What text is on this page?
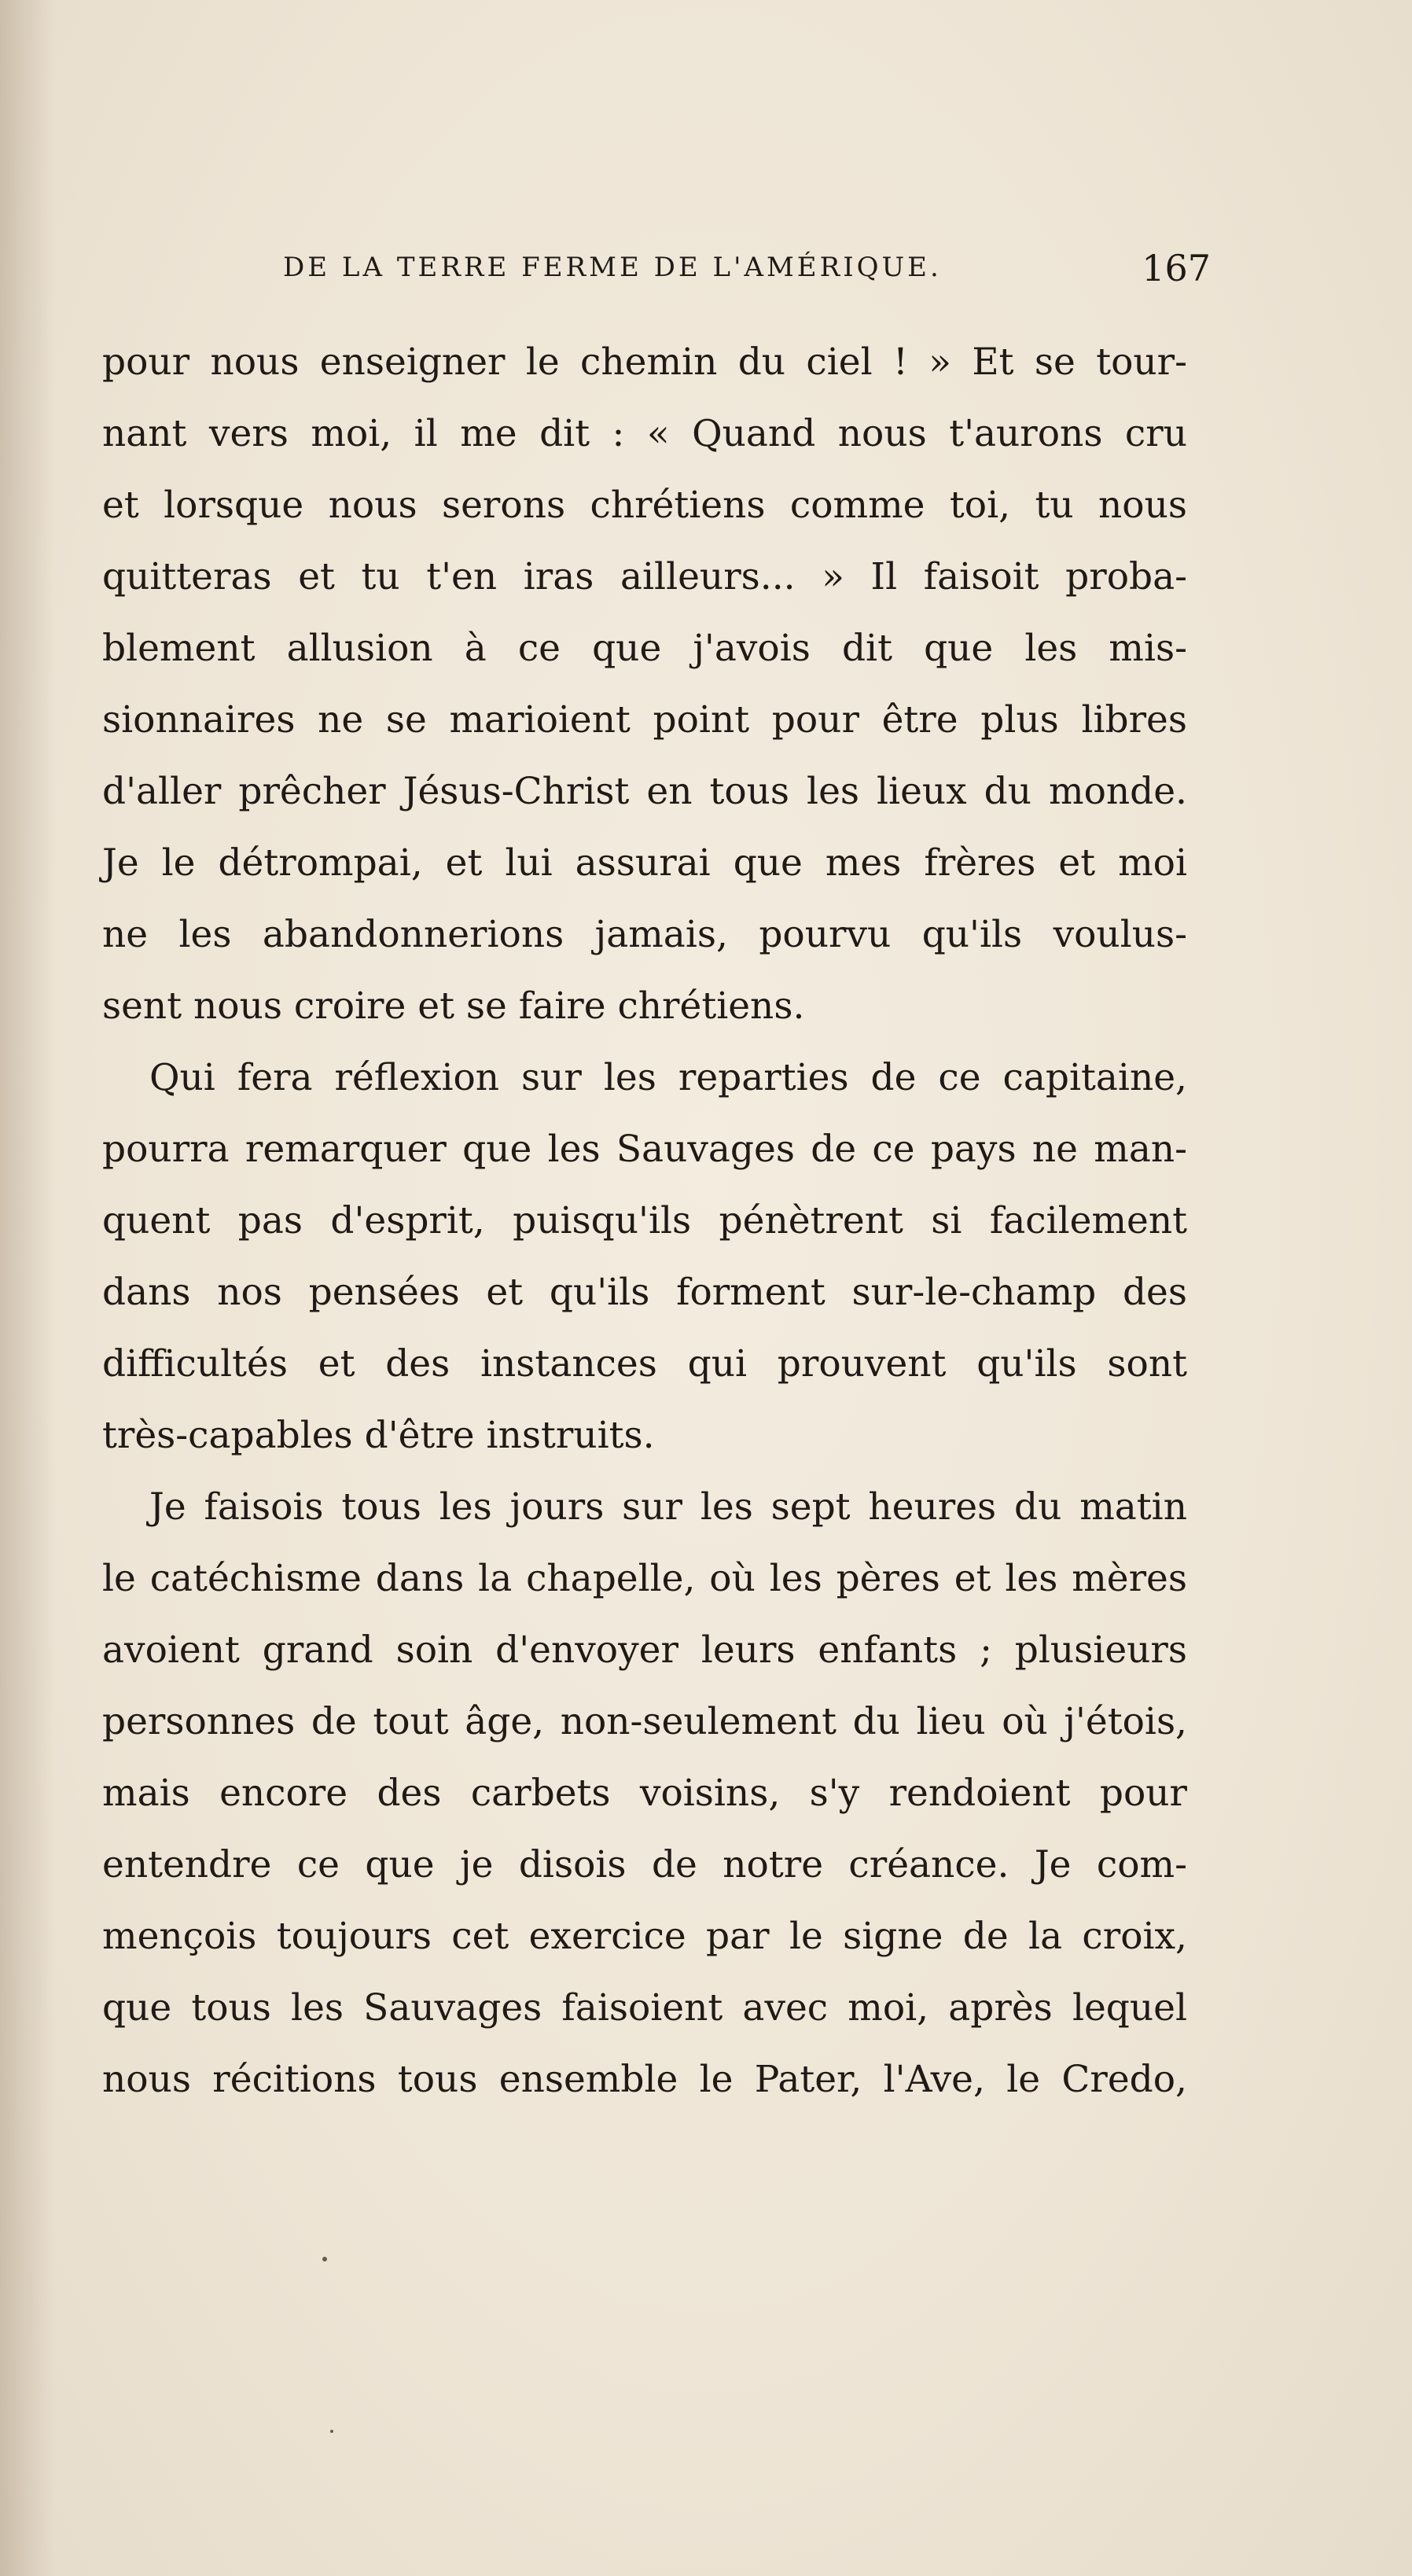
DE LA TERRE FERME DE L'AMÉRIQUE.	167
pour nous enseigner le chemin du ciel ! » Et se tour-
nant vers moi, il me dit : « Quand nous t'aurons cru
et lorsque nous serons chrétiens comme toi, tu nous
quitteras et tu t'en iras ailleurs... » Il faisoit proba-
blement allusion à ce que j'avois dit que les mis-
sionnaires ne se marioient point pour être plus libres
d'aller prêcher Jésus-Christ en tous les lieux du monde.
Je le détrompai, et lui assurai que mes frères et moi
ne les abandonnerions jamais, pourvu qu'ils voulus-
sent nous croire et se faire chrétiens.
Qui fera réflexion sur les reparties de ce capitaine,
pourra remarquer que les Sauvages de ce pays ne man-
quent pas d'esprit, puisqu'ils pénètrent si facilement
dans nos pensées et qu'ils forment sur-le-champ des
difficultés et des instances qui prouvent qu'ils sont
très-capables d'être instruits.
Je faisois tous les jours sur les sept heures du matin
le catéchisme dans la chapelle, où les pères et les mères
avoient grand soin d'envoyer leurs enfants ; plusieurs
personnes de tout âge, non-seulement du lieu où j'étois,
mais encore des carbets voisins, s'y rendoient pour
entendre ce que je disois de notre créance. Je com-
mençois toujours cet exercice par le signe de la croix,
que tous les Sauvages faisoient avec moi, après lequel
nous récitions tous ensemble le Pater, l'Ave, le Credo,
